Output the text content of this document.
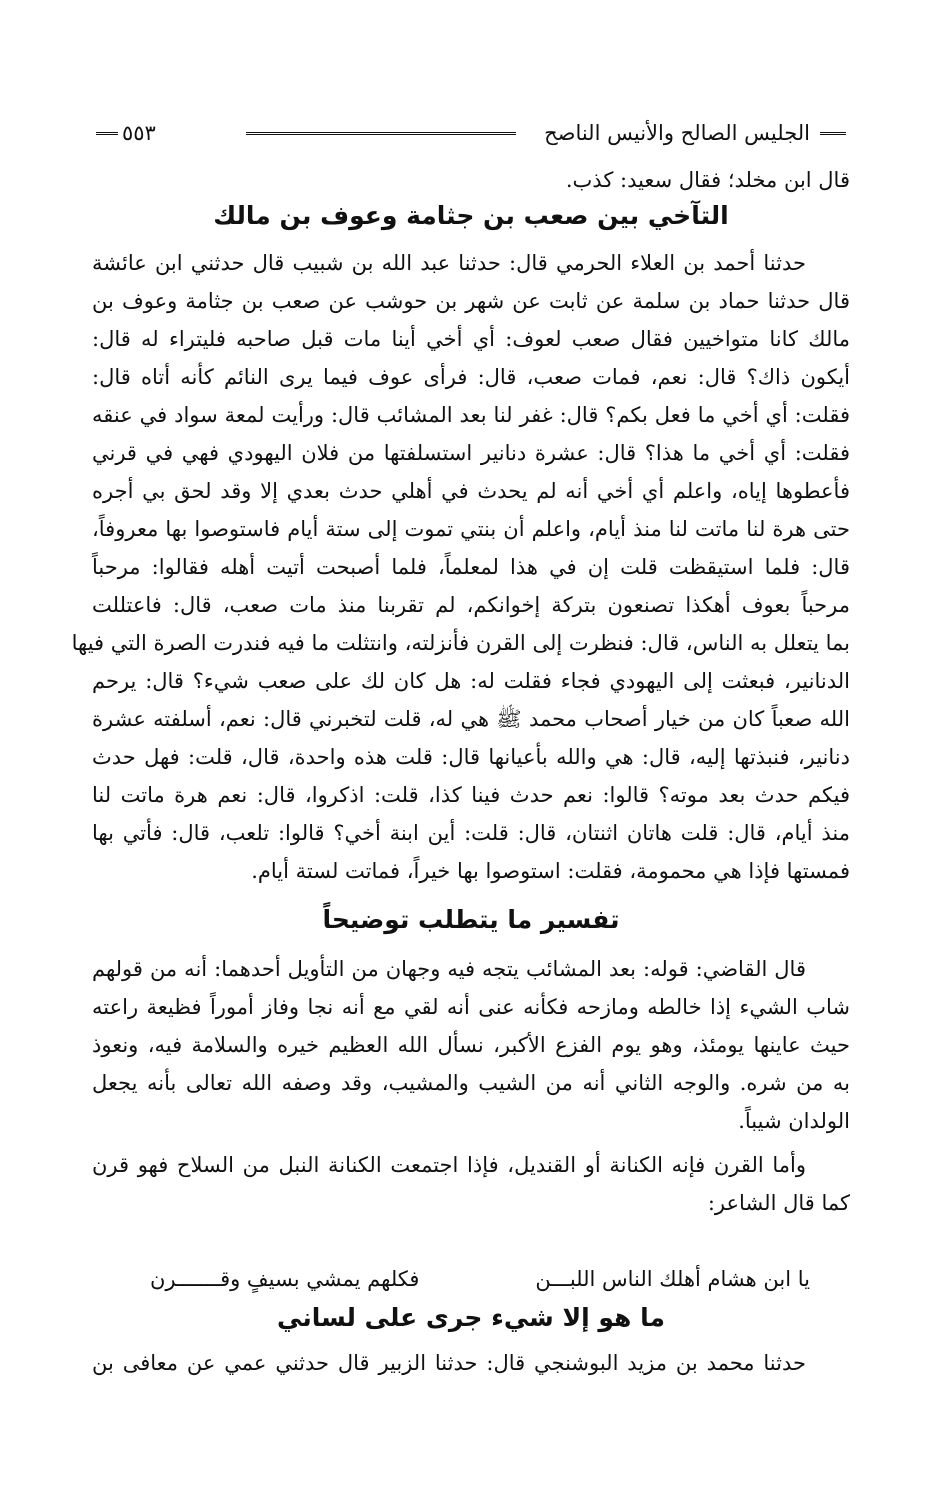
٥٥٣	الجليس الصالح والأنيس الناصح
قال ابن مخلد؛ فقال سعيد: كذب.
التآخي بين صعب بن جثامة وعوف بن مالك
حدثنا أحمد بن العلاء الحرمي قال: حدثنا عبد الله بن شبيب قال حدثني ابن عائشة
قال حدثنا حماد بن سلمة عن ثابت عن شهر بن حوشب عن صعب بن جثامة وعوف بن
مالك كانا متواخيين فقال صعب لعوف: أي أخي أينا مات قبل صاحبه فليتراء له قال:
أيكون ذاك؟ قال: نعم، فمات صعب، قال: فرأى عوف فيما يرى النائم كأنه أتاه قال:
فقلت: أي أخي ما فعل بكم؟ قال: غفر لنا بعد المشائب قال: ورأيت لمعة سواد في عنقه
فقلت: أي أخي ما هذا؟ قال: عشرة دنانير استسلفتها من فلان اليهودي فهي في قرني
فأعطوها إياه، واعلم أي أخي أنه لم يحدث في أهلي حدث بعدي إلا وقد لحق بي أجره
حتى هرة لنا ماتت لنا منذ أيام، واعلم أن بنتي تموت إلى ستة أيام فاستوصوا بها معروفاً،
قال: فلما استيقظت قلت إن في هذا لمعلماً، فلما أصبحت أتيت أهله فقالوا: مرحباً
مرحباً بعوف أهكذا تصنعون بتركة إخوانكم، لم تقربنا منذ مات صعب، قال: فاعتللت
بما يتعلل به الناس، قال: فنظرت إلى القرن فأنزلته، وانتثلت ما فيه فندرت الصرة التي فيها
الدنانير، فبعثت إلى اليهودي فجاء فقلت له: هل كان لك على صعب شيء؟ قال: يرحم
الله صعباً كان من خيار أصحاب محمد ﷺ هي له، قلت لتخبرني قال: نعم، أسلفته عشرة
دنانير، فنبذتها إليه، قال: هي والله بأعيانها قال: قلت هذه واحدة، قال، قلت: فهل حدث
فيكم حدث بعد موته؟ قالوا: نعم حدث فينا كذا، قلت: اذكروا، قال: نعم هرة ماتت لنا
منذ أيام، قال: قلت هاتان اثنتان، قال: قلت: أين ابنة أخي؟ قالوا: تلعب، قال: فأتي بها
فمستها فإذا هي محمومة، فقلت: استوصوا بها خيراً، فماتت لستة أيام.
تفسير ما يتطلب توضيحاً
قال القاضي: قوله: بعد المشائب يتجه فيه وجهان من التأويل أحدهما: أنه من قولهم
شاب الشيء إذا خالطه ومازحه فكأنه عنى أنه لقي مع أنه نجا وفاز أموراً فظيعة راعته
حيث عاينها يومئذ، وهو يوم الفزع الأكبر، نسأل الله العظيم خيره والسلامة فيه، ونعوذ
به من شره. والوجه الثاني أنه من الشيب والمشيب، وقد وصفه الله تعالى بأنه يجعل
الولدان شيباً.
وأما القرن فإنه الكنانة أو القنديل، فإذا اجتمعت الكنانة النبل من السلاح فهو قرن
كما قال الشاعر:
يا ابن هشام أهلك الناس اللبـــن
فكلهم يمشي بسيفٍ وقـــــــرن
ما هو إلا شيء جرى على لساني
حدثنا محمد بن مزيد البوشنجي قال: حدثنا الزبير قال حدثني عمي عن معافى بن
